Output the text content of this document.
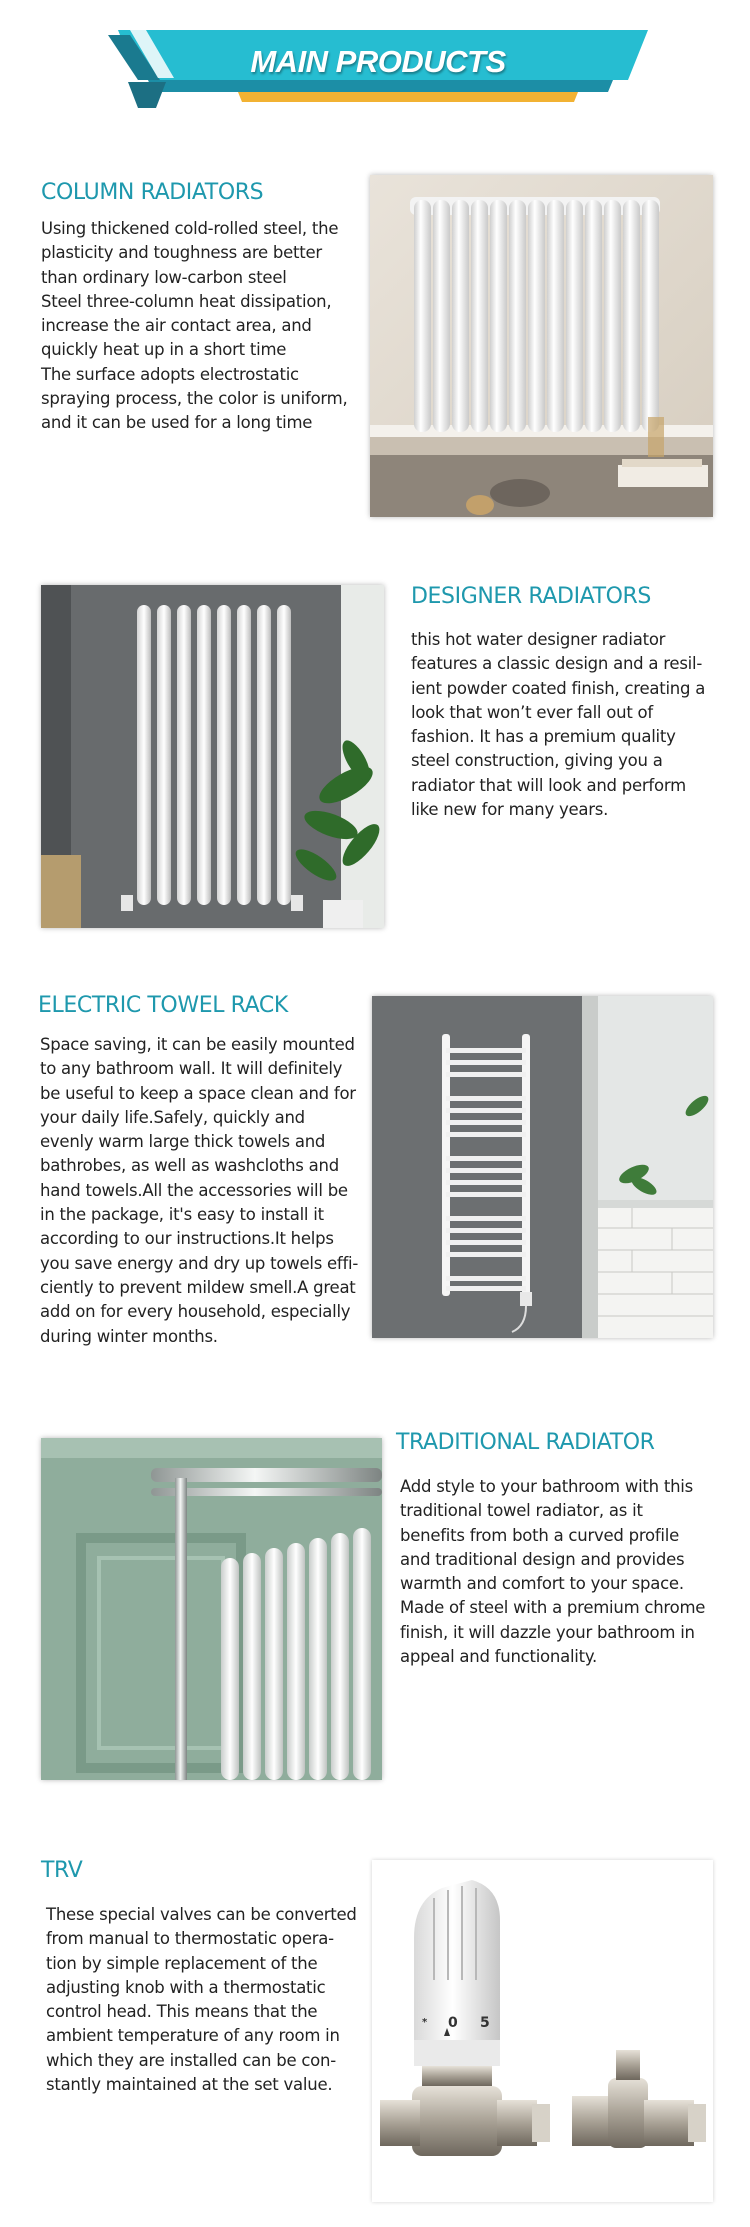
MAIN PRODUCTS
COLUMN RADIATORS
Using thickened cold-rolled steel, the
plasticity and toughness are better
than ordinary low-carbon steel
Steel three-column heat dissipation,
increase the air contact area, and
quickly heat up in a short time
The surface adopts electrostatic
spraying process, the color is uniform,
and it can be used for a long time
DESIGNER RADIATORS
this hot water designer radiator
features a classic design and a resil-
ient powder coated finish, creating a
look that won’t ever fall out of
fashion. It has a premium quality
steel construction, giving you a
radiator that will look and perform
like new for many years.
ELECTRIC TOWEL RACK
Space saving, it can be easily mounted
to any bathroom wall. It will definitely
be useful to keep a space clean and for
your daily life.Safely, quickly and
evenly warm large thick towels and
bathrobes, as well as washcloths and
hand towels.All the accessories will be
in the package, it's easy to install it
according to our instructions.It helps
you save energy and dry up towels effi-
ciently to prevent mildew smell.A great
add on for every household, especially
during winter months.
TRADITIONAL RADIATOR
Add style to your bathroom with this
traditional towel radiator, as it
benefits from both a curved profile
and traditional design and provides
warmth and comfort to your space.
Made of steel with a premium chrome
finish, it will dazzle your bathroom in
appeal and functionality.
TRV
These special valves can be converted
from manual to thermostatic opera-
tion by simple replacement of the
adjusting knob with a thermostatic
control head. This means that the
ambient temperature of any room in
which they are installed can be con-
stantly maintained at the set value.
* 0 5
